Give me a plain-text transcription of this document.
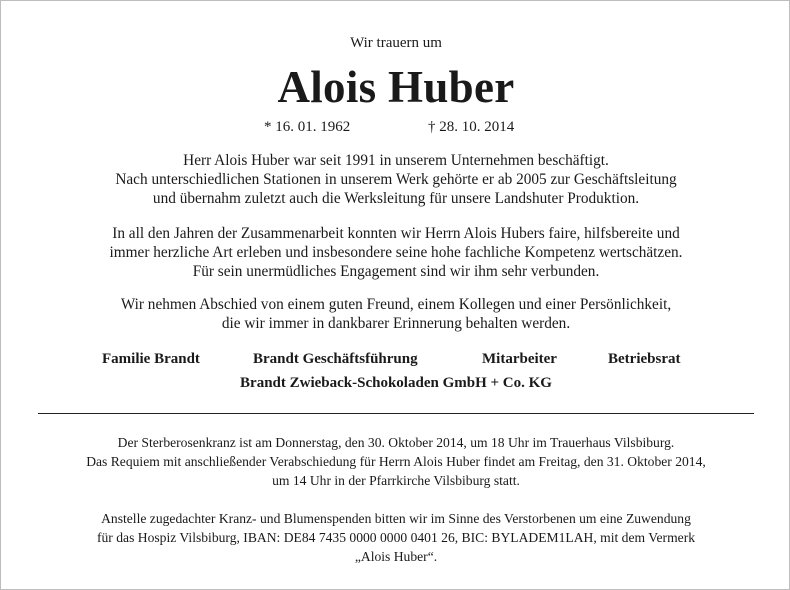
Wir trauern um
Alois Huber
* 16. 01. 1962	† 28. 10. 2014
Herr Alois Huber war seit 1991 in unserem Unternehmen beschäftigt.
Nach unterschiedlichen Stationen in unserem Werk gehörte er ab 2005 zur Geschäftsleitung
und übernahm zuletzt auch die Werksleitung für unsere Landshuter Produktion.
In all den Jahren der Zusammenarbeit konnten wir Herrn Alois Hubers faire, hilfsbereite und
immer herzliche Art erleben und insbesondere seine hohe fachliche Kompetenz wertschätzen.
Für sein unermüdliches Engagement sind wir ihm sehr verbunden.
Wir nehmen Abschied von einem guten Freund, einem Kollegen und einer Persönlichkeit,
die wir immer in dankbarer Erinnerung behalten werden.
Familie Brandt	Brandt Geschäftsführung	Mitarbeiter	Betriebsrat
Brandt Zwieback-Schokoladen GmbH + Co. KG
Der Sterberosenkranz ist am Donnerstag, den 30. Oktober 2014, um 18 Uhr im Trauerhaus Vilsbiburg.
Das Requiem mit anschließender Verabschiedung für Herrn Alois Huber findet am Freitag, den 31. Oktober 2014,
um 14 Uhr in der Pfarrkirche Vilsbiburg statt.
Anstelle zugedachter Kranz- und Blumenspenden bitten wir im Sinne des Verstorbenen um eine Zuwendung
für das Hospiz Vilsbiburg, IBAN: DE84 7435 0000 0000 0401 26, BIC: BYLADEM1LAH, mit dem Vermerk
„Alois Huber“.
